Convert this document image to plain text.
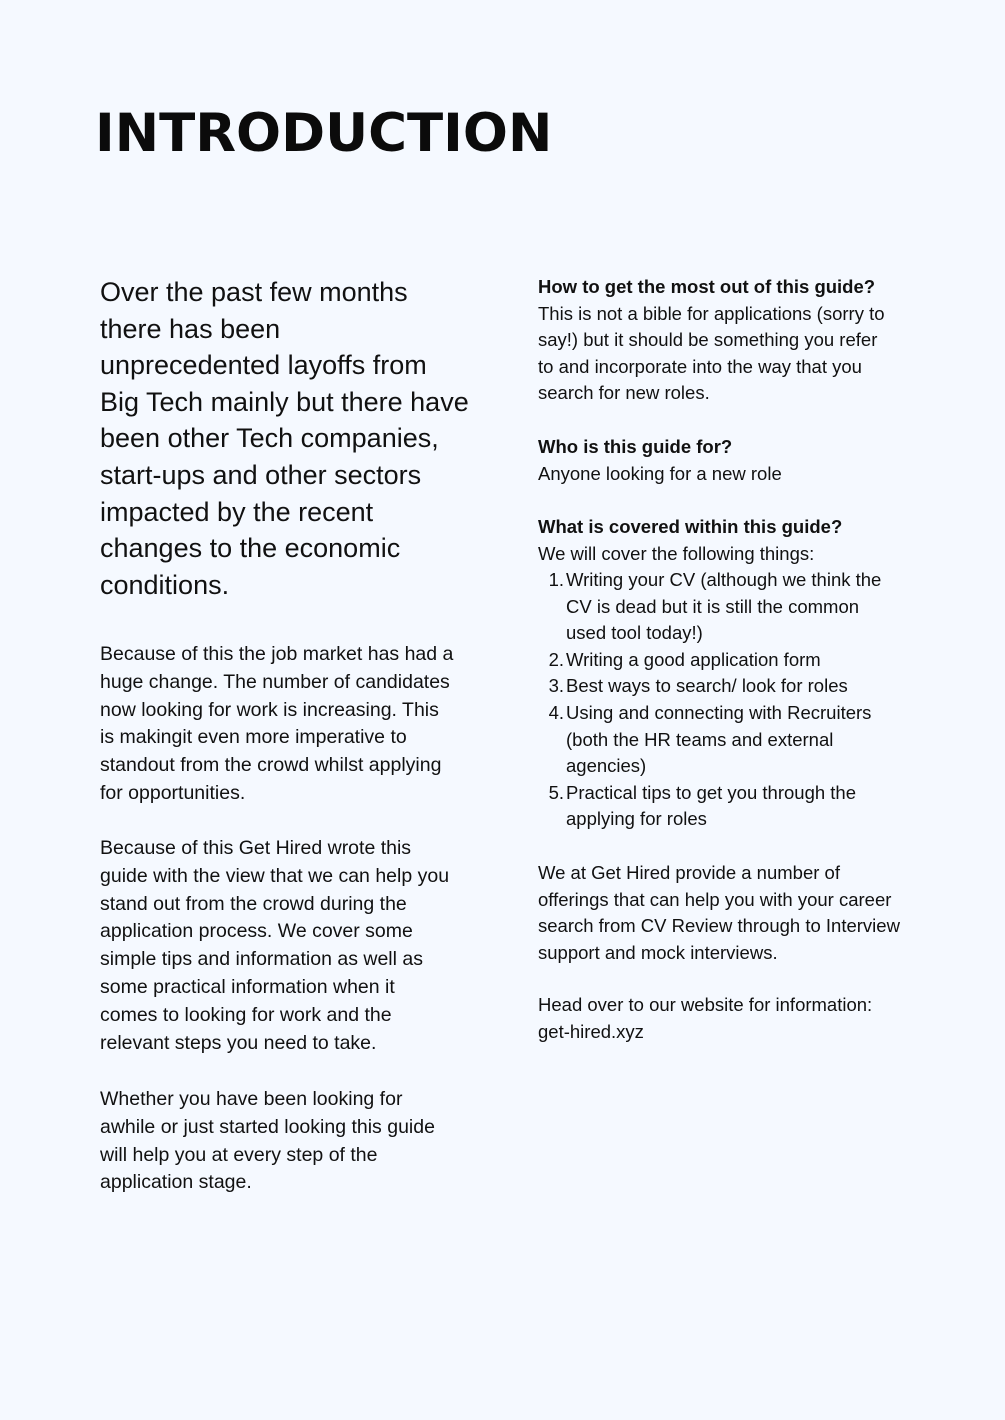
INTRODUCTION
Over the past few months
there has been
unprecedented layoffs from
Big Tech mainly but there have
been other Tech companies,
start-ups and other sectors
impacted by the recent
changes to the economic
conditions.
Because of this the job market has had a
huge change. The number of candidates
now looking for work is increasing. This
is makingit even more imperative to
standout from the crowd whilst applying
for opportunities.
Because of this Get Hired wrote this
guide with the view that we can help you
stand out from the crowd during the
application process. We cover some
simple tips and information as well as
some practical information when it
comes to looking for work and the
relevant steps you need to take.
Whether you have been looking for
awhile or just started looking this guide
will help you at every step of the
application stage.
How to get the most out of this guide?
This is not a bible for applications (sorry to
say!) but it should be something you refer
to and incorporate into the way that you
search for new roles.
Who is this guide for?
Anyone looking for a new role
What is covered within this guide?
We will cover the following things:
1. Writing your CV (although we think the
CV is dead but it is still the common
used tool today!)
2. Writing a good application form
3. Best ways to search/ look for roles
4. Using and connecting with Recruiters
(both the HR teams and external
agencies)
5. Practical tips to get you through the
applying for roles
We at Get Hired provide a number of
offerings that can help you with your career
search from CV Review through to Interview
support and mock interviews.
Head over to our website for information:
get-hired.xyz
